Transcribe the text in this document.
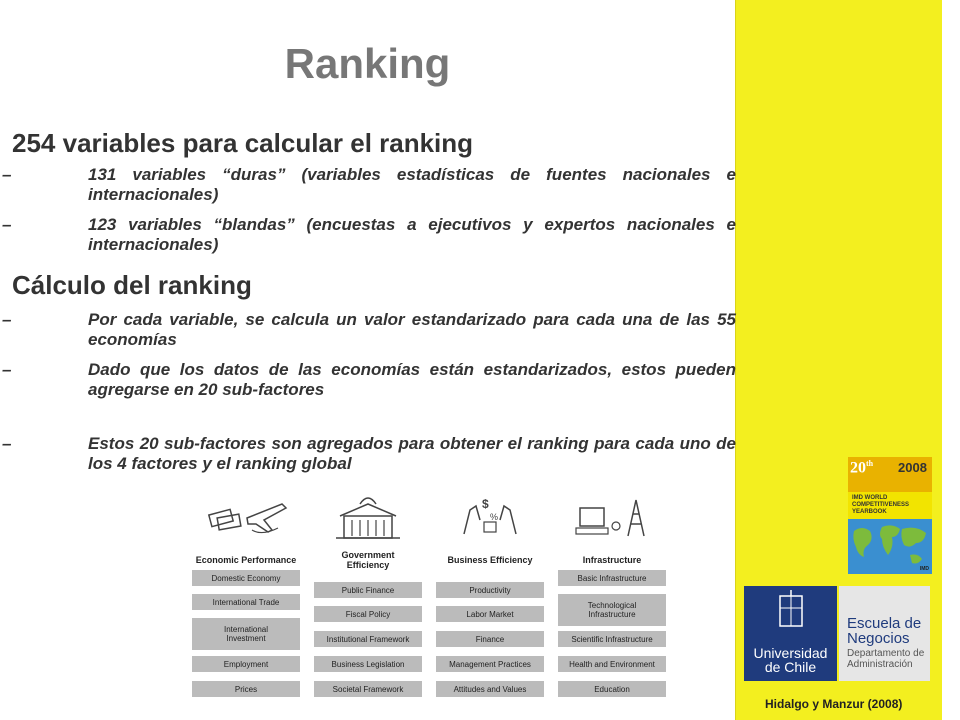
Ranking
254 variables para calcular el ranking
–	131 variables “duras” (variables estadísticas de fuentes nacionales e internacionales)
–	123 variables “blandas” (encuestas a ejecutivos y expertos nacionales e internacionales)
Cálculo del ranking
–	Por cada variable, se calcula un valor estandarizado para cada una de las 55 economías
–	Dado que los datos de las economías están estandarizados, estos pueden agregarse en 20 sub-factores
–	Estos 20 sub-factores son agregados para obtener el ranking para cada uno de los 4 factores y el ranking global
Economic Performance
Domestic Economy
International Trade
International Investment
Employment
Prices
Government Efficiency
Public Finance
Fiscal Policy
Institutional Framework
Business Legislation
Societal Framework
$
%
Business Efficiency
Productivity
Labor Market
Finance
Management Practices
Attitudes and Values
Infrastructure
Basic Infrastructure
Technological Infrastructure
Scientific Infrastructure
Health and Environment
Education
20th 2008
IMD WORLD
COMPETITIVENESS
YEARBOOK
IMD
Universidad de Chile
Escuela de Negocios
Departamento de Administración
Hidalgo y Manzur (2008)
